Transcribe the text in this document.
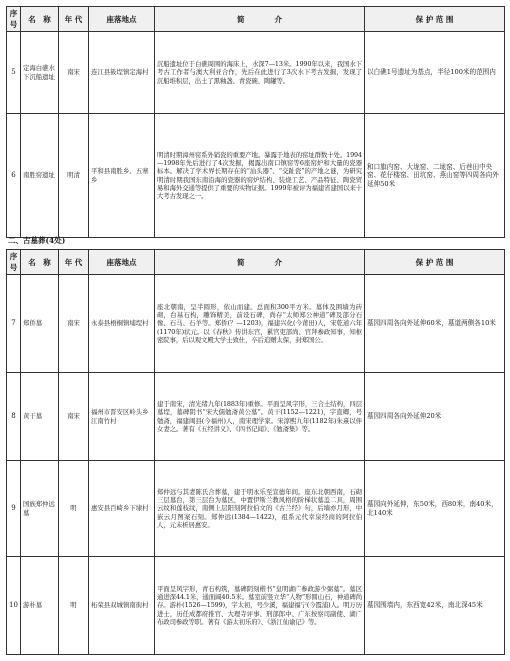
序号	名　称	年 代	座落地点	简　　　　介	保 护 范 围
5	定海白礁水下沉船遗址	南宋	连江县筱埕镇定海村	沉船遗址位于白礁周围的海床上，水深7—13米。1990年以来，我国水下考古工作者与澳大利亚合作，先后在此进行了3次水下考古发掘，发现了沉船堆积层，出土了黑釉盏、青瓷碗、陶罐等。	以白礁1号遗址为基点，半径100米的范围内
6	南胜窑遗址	明清	平和县南胜乡、五寨乡	明清时期漳州窑系外销瓷的重要产地。暴露于地表的窑址群数十处。1994—1998年先后进行了4次发掘，揭露出南口镇窑等6座窑炉和大量的瓷器标本。解决了学术界长期存在的“汕头器”、“交趾瓷”的产地之谜，为研究明清时期我国东南沿海的瓷器的窑炉结构、装烧工艺、产品特征、陶瓷贸易和海外交通等提供了重要的实物证据。1999年被评为福建省建国以来十大考古发现之一。	和口旗内窑、大垅窑、二垅窑、后巷田中央窑、花仔楼窑、田坑窑、燕山窑等四周各向外延伸50米
二、古墓葬(4处)
序号	名　称	年 代	座落地点	简　　　　介	保 护 范 围
7	郑侨墓	南宋	永泰县梧桐镇埔埕村	座北朝南，呈半圆形，依山而建。总面积300平方米。墓体及围墙为砖砌，台基石构，雕饰精美，前设石碑，尚存“太师郑公神道”碑及部分石像、石马、石羊等。郑侨(？—1203)，福建兴化(今莆田)人，宋乾道六年(1170年)状元。以《春秋》传讲东宫，累官吏部尚、官拜参政知事，知枢密院事，后以观文殿大学士致仕，卒后追赠太保，封郑国公。	墓园四周各向外延伸60米，墓道两侧各10米
8	黄干墓	南宋	福州市晋安区岭头乡江南竹村	建于南宋，清光绪九年(1883年)重修。平面呈风字形，三合土结构，四层墓埕，墓碑阴书“宋大儒勉斋黄公墓”。黄干(1152—1221)，字直卿，号勉斋，福建闽县(今福州)人，南宋理学家。宋淳熙九年(1182年)朱熹以伴女妻之。著有《五经讲义》、《四书记闻》、《勉斋集》等。	墓园四周各向外延伸20米
9	国族郑仲远墓	明	惠安县百崎乡下埭村	郑仲远与其妻陈氏合葬墓，建于明永乐至宣德年间。座东北朝西南，石砌三层墓台，第三层台为墓区，中置伊斯兰教风格的阶梯状墓盖二具，周围云纹和莲枝纹，南侧上层阳刻阿拉伯文的《古兰经》句，后墙亦月形，中嵌云月图案石刻。郑仲远(1384—1422)，祖系元代幸泉经商的阿拉伯人，元末析居惠安。	墓园向外延伸，东50米，西80米，南40米，北140米
10	游朴墓	明	柘荣县双城镇南街村	平面呈风字形，青石构筑，墓碑阴刻楷书“皇明湖广参政游少弼墓”。墓区通进深44.1米，通面阔40.5米。墓室前竖立华“人物”形圆山石，神道碑尚存。游朴(1526—1599)，字太初，号少溪，福建福宁(今霞浦)人。明万历进士，历任成都府推官、大理寺评事、刑部郎中、广东按察司副使、湖广布政司参政等职。著有《游太初乐府》、《浙江仙谕记》等。	墓园围墙内，东西宽42米，南北深45米
